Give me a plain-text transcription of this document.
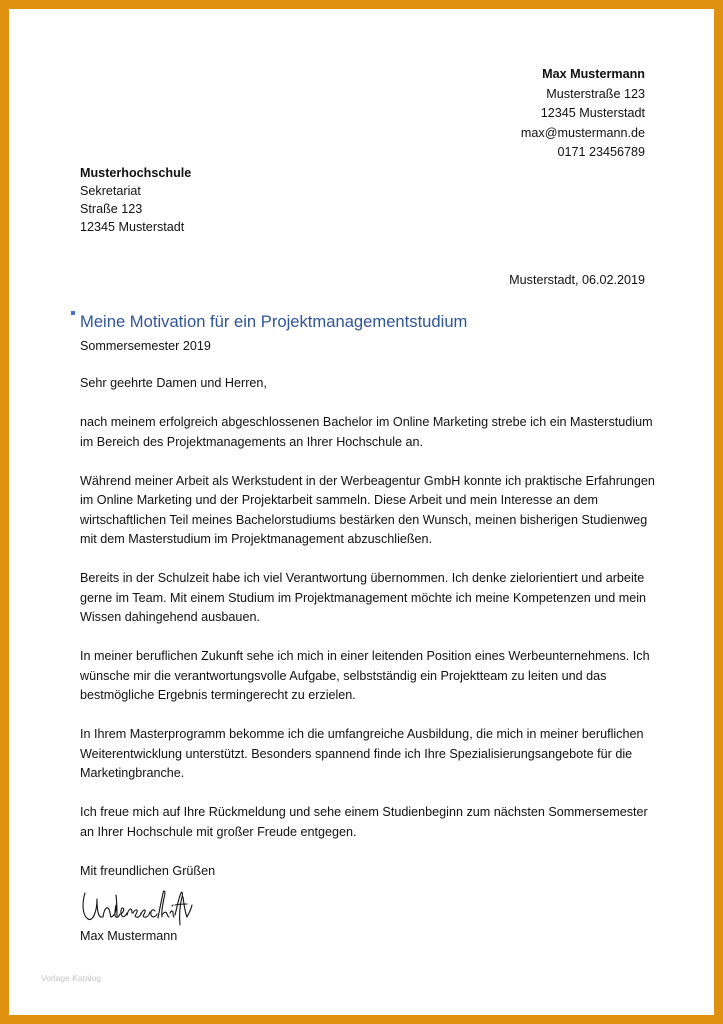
Max Mustermann
Musterstraße 123
12345 Musterstadt
max@mustermann.de
0171 23456789
Musterhochschule
Sekretariat
Straße 123
12345 Musterstadt
Musterstadt, 06.02.2019
Meine Motivation für ein Projektmanagementstudium
Sommersemester 2019

Sehr geehrte Damen und Herren,

nach meinem erfolgreich abgeschlossenen Bachelor im Online Marketing strebe ich ein Masterstudium im Bereich des Projektmanagements an Ihrer Hochschule an.

Während meiner Arbeit als Werkstudent in der Werbeagentur GmbH konnte ich praktische Erfahrungen im Online Marketing und der Projektarbeit sammeln. Diese Arbeit und mein Interesse an dem wirtschaftlichen Teil meines Bachelorstudiums bestärken den Wunsch, meinen bisherigen Studienweg mit dem Masterstudium im Projektmanagement abzuschließen.

Bereits in der Schulzeit habe ich viel Verantwortung übernommen. Ich denke zielorientiert und arbeite gerne im Team. Mit einem Studium im Projektmanagement möchte ich meine Kompetenzen und mein Wissen dahingehend ausbauen.

In meiner beruflichen Zukunft sehe ich mich in einer leitenden Position eines Werbeunternehmens. Ich wünsche mir die verantwortungsvolle Aufgabe, selbstständig ein Projektteam zu leiten und das bestmögliche Ergebnis termingerecht zu erzielen.

In Ihrem Masterprogramm bekomme ich die umfangreiche Ausbildung, die mich in meiner beruflichen Weiterentwicklung unterstützt. Besonders spannend finde ich Ihre Spezialisierungsangebote für die Marketingbranche.

Ich freue mich auf Ihre Rückmeldung und sehe einem Studienbeginn zum nächsten Sommersemester an Ihrer Hochschule mit großer Freude entgegen.

Mit freundlichen Grüßen

Max Mustermann
Vorlage Katalog
